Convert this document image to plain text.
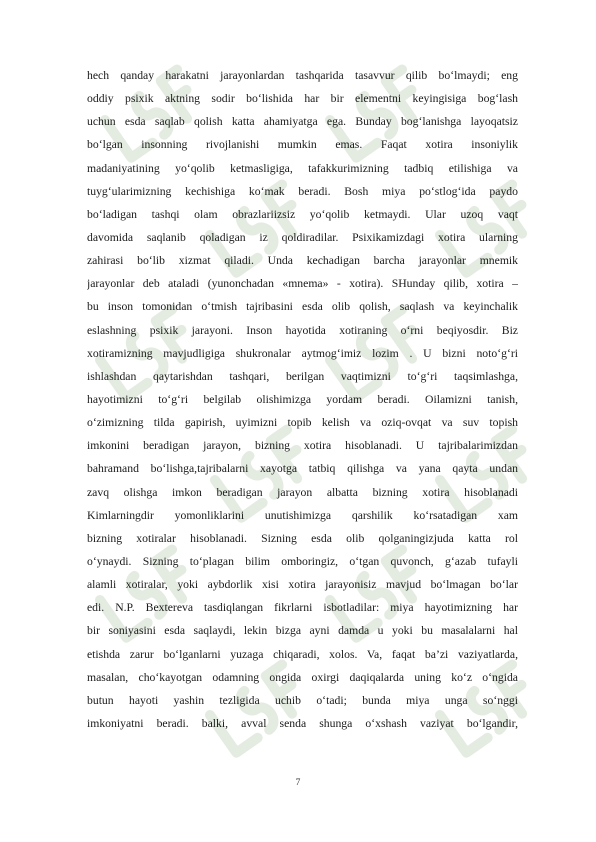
hech qanday harakatni jarayonlardan tashqarida tasavvur qilib bo‘lmaydi; eng
oddiy psixik aktning sodir bo‘lishida har bir elementni keyingisiga bog‘lash
uchun esda saqlab qolish katta ahamiyatga ega. Bunday bog‘lanishga layoqatsiz
bo‘lgan insonning rivojlanishi mumkin emas. Faqat xotira insoniylik
madaniyatining yo‘qolib ketmasligiga, tafakkurimizning tadbiq etilishiga va
tuyg‘ularimizning kechishiga ko‘mak beradi. Bosh miya po‘stlog‘ida paydo
bo‘ladigan tashqi olam obrazlariizsiz yo‘qolib ketmaydi. Ular uzoq vaqt
davomida saqlanib qoladigan iz qoldiradilar. Psixikamizdagi xotira ularning
zahirasi bo‘lib xizmat qiladi. Unda kechadigan barcha jarayonlar mnemik
jarayonlar deb ataladi (yunonchadan «mnema» - xotira). SHunday qilib, xotira –
bu inson tomonidan o‘tmish tajribasini esda olib qolish, saqlash va keyinchalik
eslashning psixik jarayoni. Inson hayotida xotiraning o‘rni beqiyosdir. Biz
xotiramizning mavjudligiga shukronalar aytmog‘imiz lozim . U bizni noto‘g‘ri
ishlashdan qaytarishdan tashqari, berilgan vaqtimizni to‘g‘ri taqsimlashga,
hayotimizni to‘g‘ri belgilab olishimizga yordam beradi. Oilamizni tanish,
o‘zimizning tilda gapirish, uyimizni topib kelish va oziq-ovqat va suv topish
imkonini beradigan jarayon, bizning xotira hisoblanadi. U tajribalarimizdan
bahramand bo‘lishga,tajribalarni xayotga tatbiq qilishga va yana qayta undan
zavq olishga imkon beradigan jarayon albatta bizning xotira hisoblanadi
Kimlarningdir yomonliklarini unutishimizga qarshilik ko‘rsatadigan xam
bizning xotiralar hisoblanadi. Sizning esda olib qolganingizjuda katta rol
o‘ynaydi. Sizning to‘plagan bilim omboringiz, o‘tgan quvonch, g‘azab tufayli
alamli xotiralar, yoki aybdorlik xisi xotira jarayonisiz mavjud bo‘lmagan bo‘lar
edi. N.P. Bextereva tasdiqlangan fikrlarni isbotladilar: miya hayotimizning har
bir soniyasini esda saqlaydi, lekin bizga ayni damda u yoki bu masalalarni hal
etishda zarur bo‘lganlarni yuzaga chiqaradi, xolos. Va, faqat ba’zi vaziyatlarda,
masalan, cho‘kayotgan odamning ongida oxirgi daqiqalarda uning ko‘z o‘ngida
butun hayoti yashin tezligida uchib o‘tadi; bunda miya unga so‘nggi
imkoniyatni beradi. balki, avval senda shunga o‘xshash vaziyat bo‘lgandir,
7
